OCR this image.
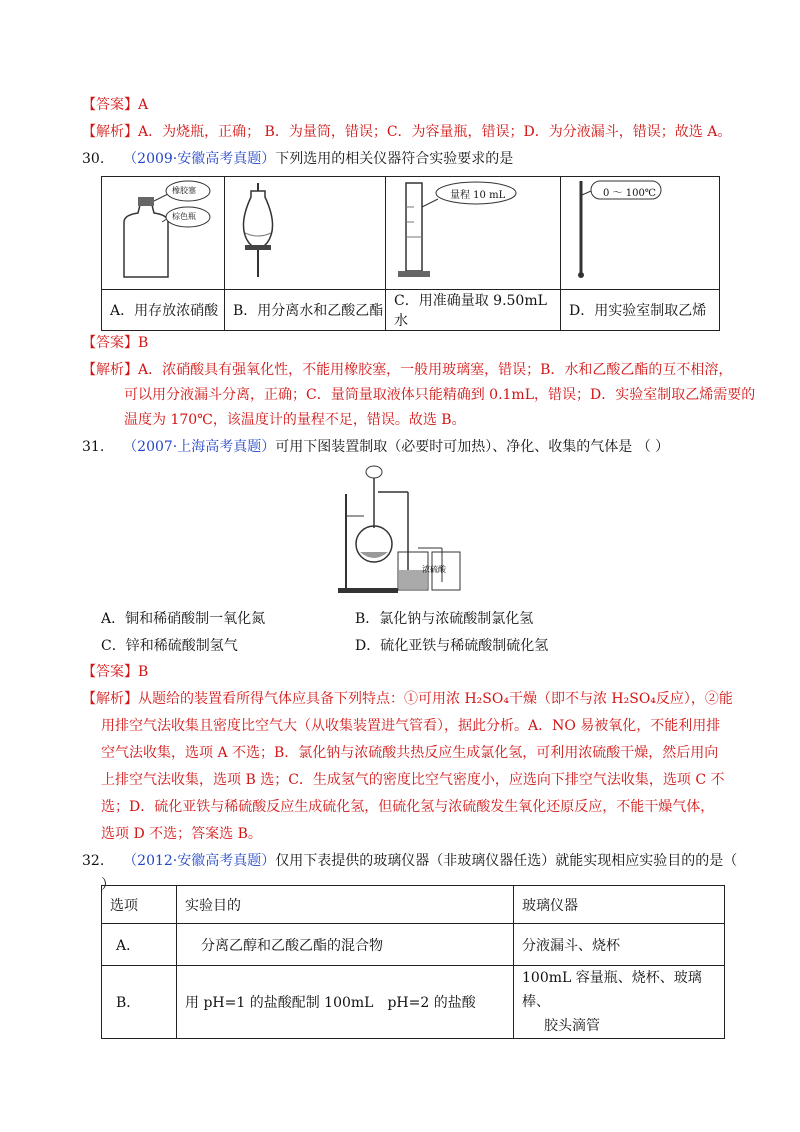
【答案】A
【解析】A．为烧瓶，正确； B．为量筒，错误；C．为容量瓶，错误；D．为分液漏斗，错误；故选 A。
30. （2009·安徽高考真题）下列选用的相关仪器符合实验要求的是
橡胶塞
棕色瓶		量程 10 mL	0 ～ 100℃

A．用存放浓硝酸	B．用分离水和乙酸乙酯	C．用准确量取 9.50mL 水	D．用实验室制取乙烯
【答案】B
【解析】A．浓硝酸具有强氧化性，不能用橡胶塞，一般用玻璃塞，错误；B．水和乙酸乙酯的互不相溶，
可以用分液漏斗分离，正确；C．量筒量取液体只能精确到 0.1mL，错误；D．实验室制取乙烯需要的
温度为 170℃，该温度计的量程不足，错误。故选 B。
31. （2007·上海高考真题）可用下图装置制取（必要时可加热）、净化、收集的气体是 （ ）
浓硫酸
A．铜和稀硝酸制一氧化氮	B．氯化钠与浓硫酸制氯化氢
C．锌和稀硫酸制氢气	D．硫化亚铁与稀硫酸制硫化氢
【答案】B
【解析】从题给的装置看所得气体应具备下列特点：①可用浓 H₂SO₄干燥（即不与浓 H₂SO₄反应），②能
用排空气法收集且密度比空气大（从收集装置进气管看），据此分析。A．NO 易被氧化，不能利用排
空气法收集，选项 A 不选；B．氯化钠与浓硫酸共热反应生成氯化氢，可利用浓硫酸干燥，然后用向
上排空气法收集，选项 B 选；C．生成氢气的密度比空气密度小，应选向下排空气法收集，选项 C 不
选；D．硫化亚铁与稀硫酸反应生成硫化氢，但硫化氢与浓硫酸发生氧化还原反应，不能干燥气体，
选项 D 不选；答案选 B。
32. （2012·安徽高考真题）仅用下表提供的玻璃仪器（非玻璃仪器任选）就能实现相应实验目的的是（
）
选项	实验目的	玻璃仪器
A．	分离乙醇和乙酸乙酯的混合物	分液漏斗、烧杯
B．	用 pH=1 的盐酸配制 100mL　pH=2 的盐酸	100mL 容量瓶、烧杯、玻璃棒、
胶头滴管
